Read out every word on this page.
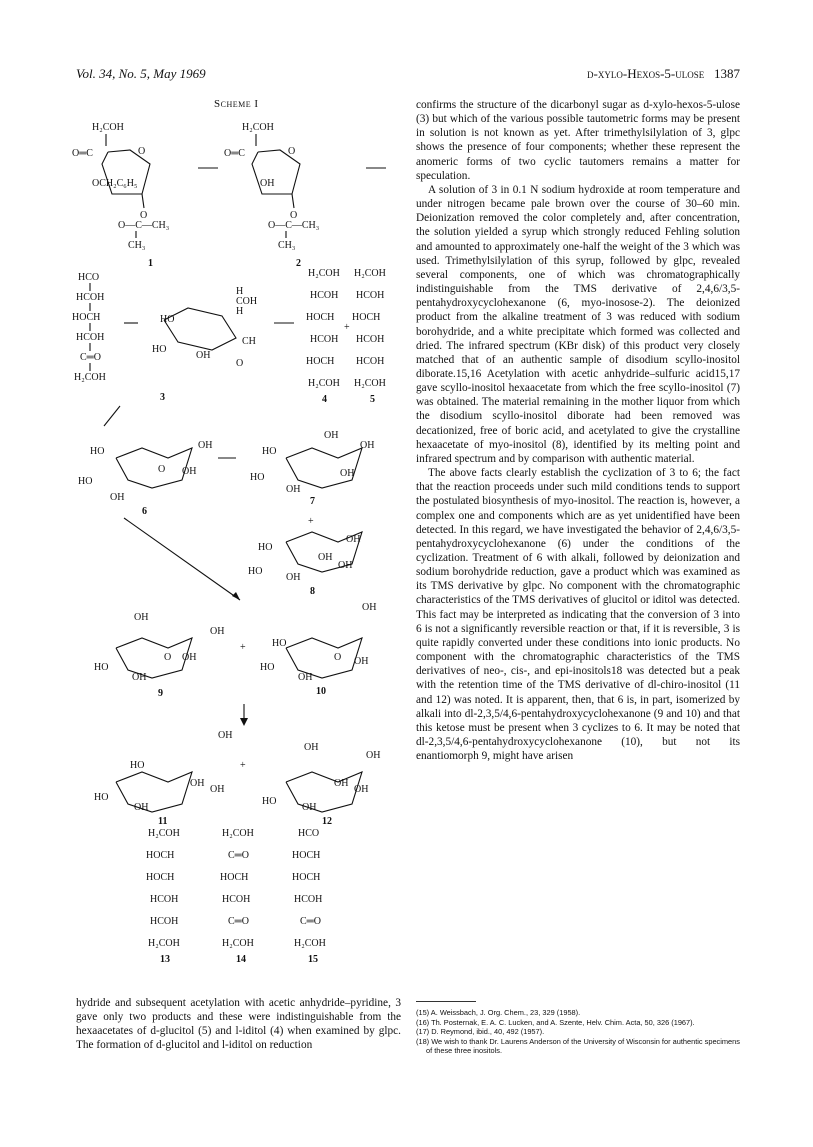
Vol. 34, No. 5, May 1969	d-xylo-Hexos-5-ulose 1387
Scheme I
H₂COH
O═C	O
OCH₂C₆H₅
O
O—C—CH₃
CH₃
1
H₂COH
O═C	O
OH
O
O—C—CH₃
CH₃
2
HCO
HCOH
HOCH
HCOH
C═O
H₂COH
3
HO
HO
OH
H
COH
H
CH
O
H₂COH
HCOH
HOCH
HCOH
HOCH
H₂COH
4
+
H₂COH
HCOH
HOCH
HCOH
HCOH
H₂COH
5
HO
HO
OH
O OH
OH
6
OH
OH
HO
OH
HO
OH
7
+
OH
HO
OH
OH
HO
OH
8
OH
OH
O OH
HO
OH
9
+
OH
HO
O OH
HO
OH
10
OH
HO
OH
OH
HO
OH
11
+
OH
OH
OH
OH
HO
OH
12
H₂COH
HOCH
HOCH
HCOH
HCOH
H₂COH
13
H₂COH
C═O
HOCH
HCOH
C═O
H₂COH
14
HCO
HOCH
HOCH
HCOH
C═O
H₂COH
15

confirms the structure of the dicarbonyl sugar as d-xylo-hexos-5-ulose (3) but which of the various possible tautometric forms may be present in solution is not known as yet. After trimethylsilylation of 3, glpc shows the presence of four components; whether these represent the anomeric forms of two cyclic tautomers remains a matter for speculation.

A solution of 3 in 0.1 N sodium hydroxide at room temperature and under nitrogen became pale brown over the course of 30–60 min. Deionization removed the color completely and, after concentration, the solution yielded a syrup which strongly reduced Fehling solution and amounted to approximately one-half the weight of the 3 which was used. Trimethylsilylation of this syrup, followed by glpc, revealed several components, one of which was chromatographically indistinguishable from the TMS derivative of 2,4,6/3,5-pentahydroxycyclohexanone (6, myo-inosose-2). The deionized product from the alkaline treatment of 3 was reduced with sodium borohydride, and a white precipitate which formed was collected and dried. The infrared spectrum (KBr disk) of this product very closely matched that of an authentic sample of disodium scyllo-inositol diborate.15,16 Acetylation with acetic anhydride–sulfuric acid15,17 gave scyllo-inositol hexaacetate from which the free scyllo-inositol (7) was obtained. The material remaining in the mother liquor from which the disodium scyllo-inositol diborate had been removed was decationized, free of boric acid, and acetylated to give the crystalline hexaacetate of myo-inositol (8), identified by its melting point and infrared spectrum and by comparison with authentic material.

The above facts clearly establish the cyclization of 3 to 6; the fact that the reaction proceeds under such mild conditions tends to support the postulated biosynthesis of myo-inositol. The reaction is, however, a complex one and components which are as yet unidentified have been detected. In this regard, we have investigated the behavior of 2,4,6/3,5-pentahydroxycyclohexanone (6) under the conditions of the cyclization. Treatment of 6 with alkali, followed by deionization and sodium borohydride reduction, gave a product which was examined as its TMS derivative by glpc. No component with the chromatographic characteristics of the TMS derivatives of glucitol or iditol was detected. This fact may be interpreted as indicating that the conversion of 3 into 6 is not a significantly reversible reaction or that, if it is reversible, 3 is quite rapidly converted under these conditions into ionic products. No component with the chromatographic characteristics of the TMS derivatives of neo-, cis-, and epi-inositols18 was detected but a peak with the retention time of the TMS derivative of dl-chiro-inositol (11 and 12) was noted. It is apparent, then, that 6 is, in part, isomerized by alkali into dl-2,3,5/4,6-pentahydroxycyclohexanone (9 and 10) and that this ketose must be present when 3 cyclizes to 6. It may be noted that dl-2,3,5/4,6-pentahydroxycyclohexanone (10), but not its enantiomorph 9, might have arisen

hydride and subsequent acetylation with acetic anhydride–pyridine, 3 gave only two products and these were indistinguishable from the hexaacetates of d-glucitol (5) and l-iditol (4) when examined by glpc. The formation of d-glucitol and l-iditol on reduction

(15) A. Weissbach, J. Org. Chem., 23, 329 (1958).
(16) Th. Posternak, E. A. C. Lucken, and A. Szente, Helv. Chim. Acta, 50, 326 (1967).
(17) D. Reymond, ibid., 40, 492 (1957).
(18) We wish to thank Dr. Laurens Anderson of the University of Wisconsin for authentic specimens of these three inositols.
